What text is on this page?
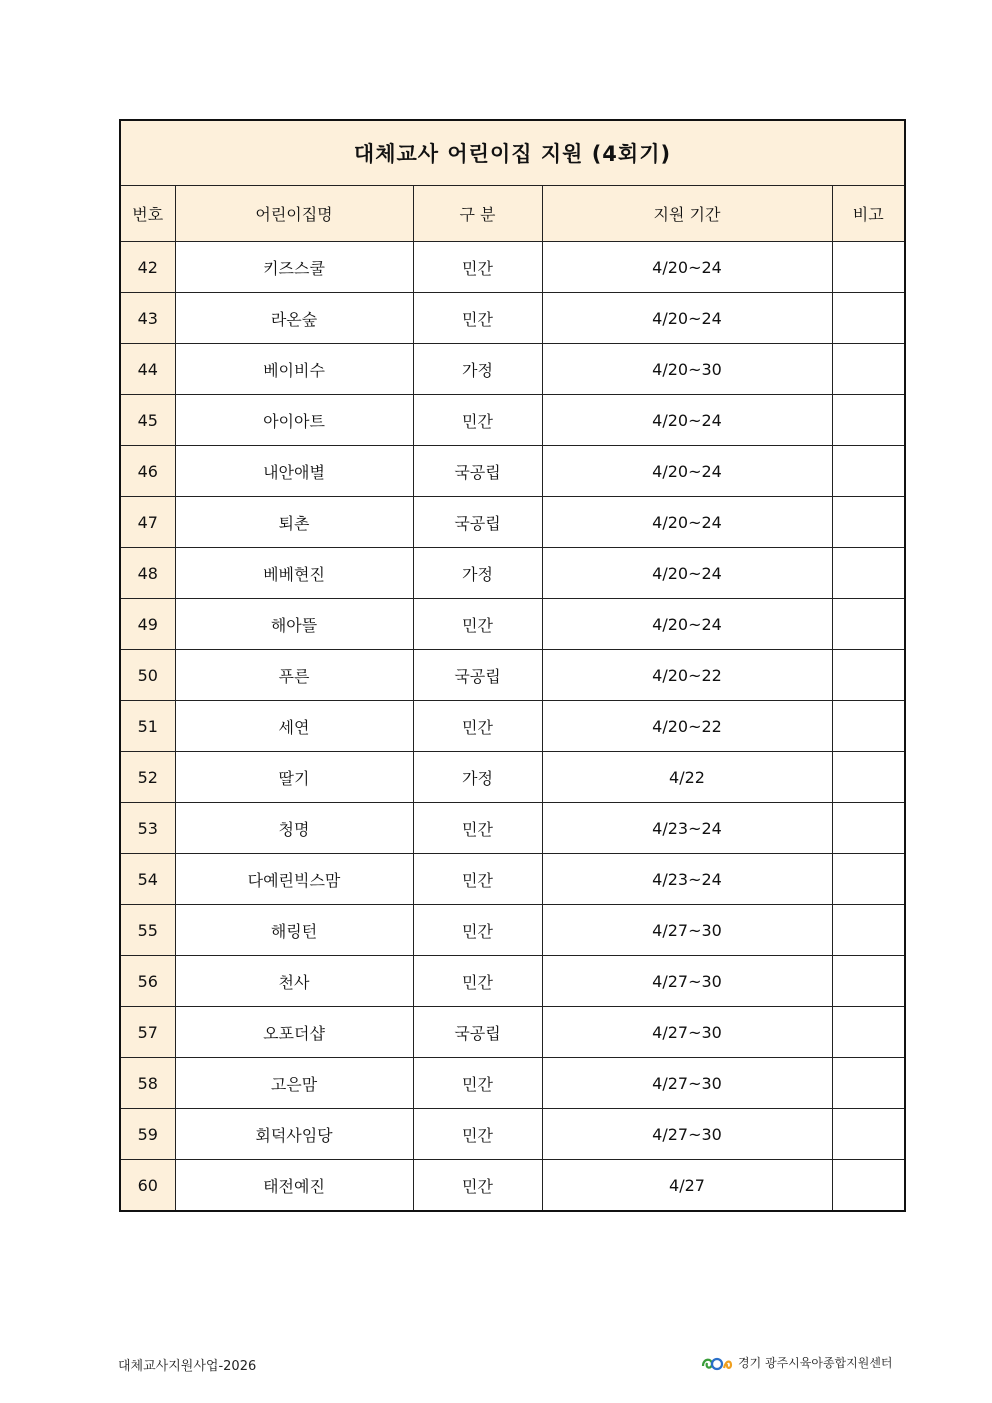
대체교사 어린이집 지원 (4회기)				
번호	어린이집명	구 분	지원 기간	비고
42	키즈스쿨	민간	4/20~24	
43	라온숲	민간	4/20~24	
44	베이비수	가정	4/20~30	
45	아이아트	민간	4/20~24	
46	내안애별	국공립	4/20~24	
47	퇴촌	국공립	4/20~24	
48	베베현진	가정	4/20~24	
49	해아뜰	민간	4/20~24	
50	푸른	국공립	4/20~22	
51	세연	민간	4/20~22	
52	딸기	가정	4/22	
53	청명	민간	4/23~24	
54	다예린빅스맘	민간	4/23~24	
55	해링턴	민간	4/27~30	
56	천사	민간	4/27~30	
57	오포더샵	국공립	4/27~30	
58	고은맘	민간	4/27~30	
59	회덕사임당	민간	4/27~30	
60	태전예진	민간	4/27	
대체교사지원사업-2026	경기 광주시육아종합지원센터
